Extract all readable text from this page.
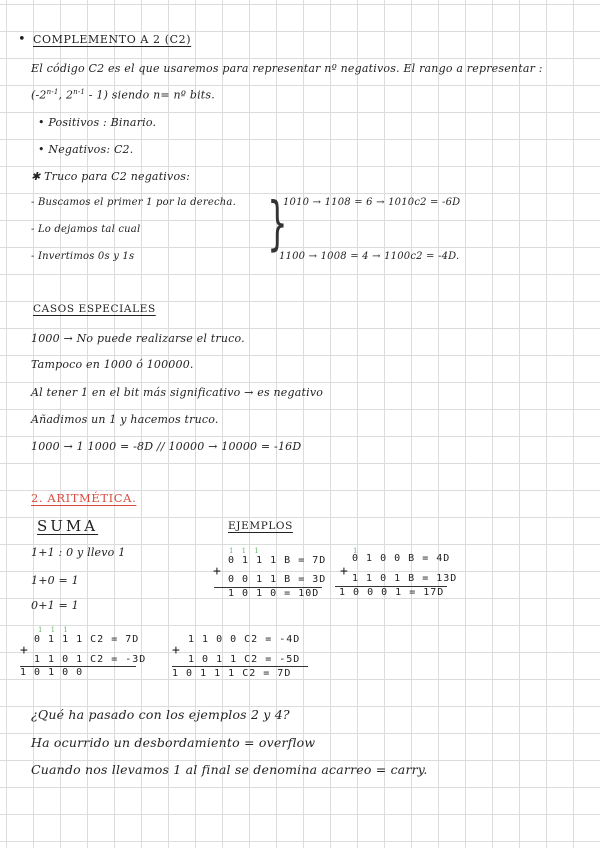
• COMPLEMENTO A 2 (C2)
El código C2 es el que usaremos para representar nº negativos. El rango a representar :
(-2$^{n-1}$, 2$^{n-1}$ - 1) siendo n= nº bits.
• Positivos : Binario.
• Negativos: C2.
✱ Truco para C2 negativos:
- Buscamos el primer 1 por la derecha.
- Lo dejamos tal cual
- Invertimos 0s y 1s }
1010 → 1108 = 6 → 1010c2 = -6D
1100 → 1008 = 4 → 1100c2 = -4D.
CASOS ESPECIALES
1000 → No puede realizarse el truco.
Tampoco en 1000 ó 100000.
Al tener 1 en el bit más significativo → es negativo
Añadimos un 1 y hacemos truco.
1000 → 1 1000 = -8D // 10000 → 10000 = -16D
2. ARITMÉTICA.
SUMA	EJEMPLOS
1+1 : 0 y llevo 1
1+0 = 1
0+1 = 1
1 1 1
+
0 1 1 1 B = 7D
0 0 1 1 B = 3D
1 0 1 0 = 10D
1
+
0 1 0 0 B = 4D
1 1 0 1 B = 13D
1 0 0 0 1 = 17D
1 1 1
+
0 1 1 1 C2 = 7D
1 1 0 1 C2 = -3D
1 0 1 0 0
+
1 1 0 0 C2 = -4D
1 0 1 1 C2 = -5D
1 0 1 1 1 C2 = 7D
¿Qué ha pasado con los ejemplos 2 y 4?
Ha ocurrido un desbordamiento = overflow
Cuando nos llevamos 1 al final se denomina acarreo = carry.
